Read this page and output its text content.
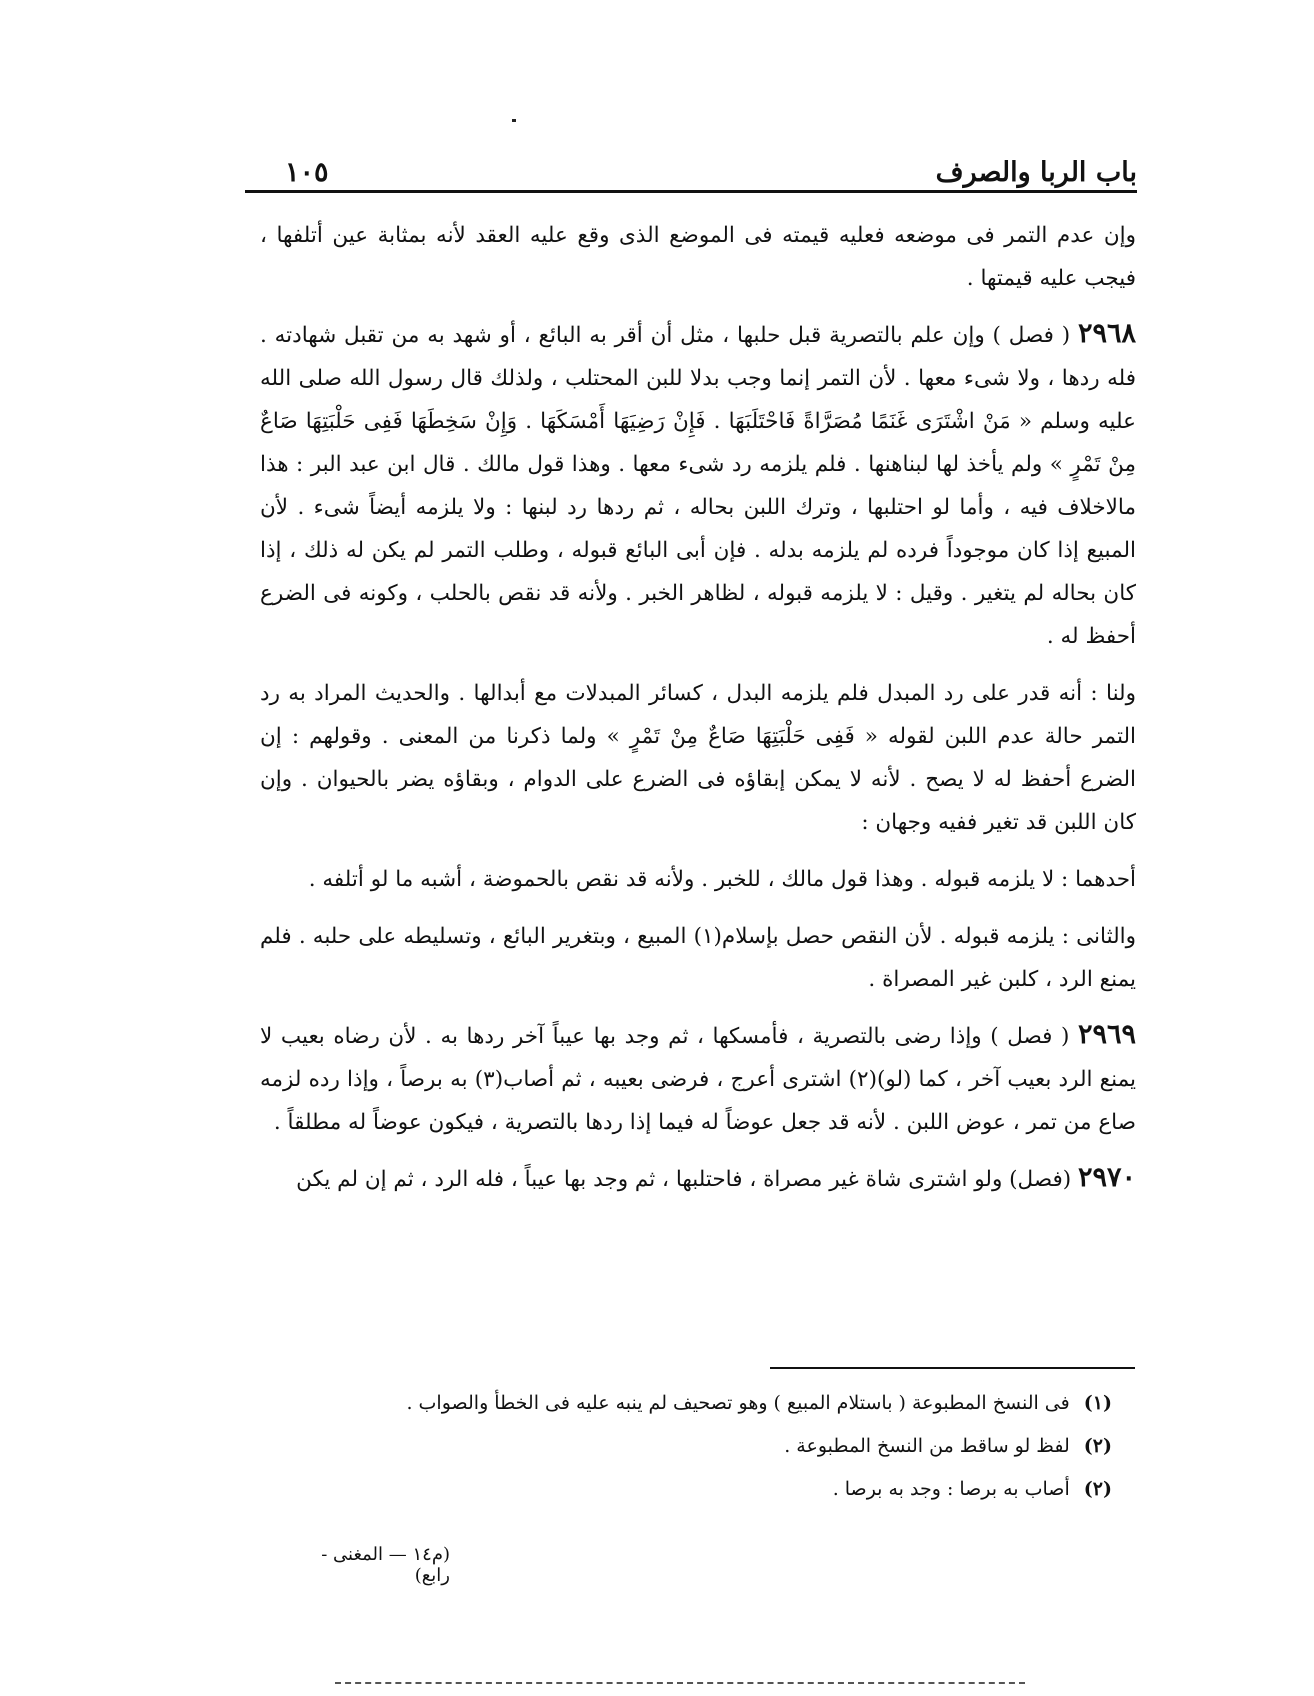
باب الربا والصرف
١٠٥

وإن عدم التمر فى موضعه فعليه قيمته فى الموضع الذى وقع عليه العقد لأنه بمثابة عين أتلفها ، فيجب عليه قيمتها .

٢٩٦٨ ( فصل ) وإن علم بالتصرية قبل حلبها ، مثل أن أقر به البائع ، أو شهد به من تقبل شهادته . فله ردها ، ولا شىء معها . لأن التمر إنما وجب بدلا للبن المحتلب ، ولذلك قال رسول الله صلى الله عليه وسلم « مَنْ اشْتَرَى غَنَمًا مُصَرَّاةً فَاحْتَلَبَهَا . فَإِنْ رَضِيَهَا أَمْسَكَهَا . وَإِنْ سَخِطَهَا فَفِى حَلْبَتِهَا صَاعٌ مِنْ تَمْرٍ » ولم يأخذ لها لبناهنها . فلم يلزمه رد شىء معها . وهذا قول مالك . قال ابن عبد البر : هذا مالاخلاف فيه ، وأما لو احتلبها ، وترك اللبن بحاله ، ثم ردها رد لبنها : ولا يلزمه أيضاً شىء . لأن المبيع إذا كان موجوداً فرده لم يلزمه بدله . فإن أبى البائع قبوله ، وطلب التمر لم يكن له ذلك ، إذا كان بحاله لم يتغير . وقيل : لا يلزمه قبوله ، لظاهر الخبر . ولأنه قد نقص بالحلب ، وكونه فى الضرع أحفظ له .

ولنا : أنه قدر على رد المبدل فلم يلزمه البدل ، كسائر المبدلات مع أبدالها . والحديث المراد به رد التمر حالة عدم اللبن لقوله « فَفِى حَلْبَتِهَا صَاعٌ مِنْ تَمْرٍ » ولما ذكرنا من المعنى . وقولهم : إن الضرع أحفظ له لا يصح . لأنه لا يمكن إبقاؤه فى الضرع على الدوام ، وبقاؤه يضر بالحيوان . وإن كان اللبن قد تغير ففيه وجهان :

أحدهما : لا يلزمه قبوله . وهذا قول مالك ، للخبر . ولأنه قد نقص بالحموضة ، أشبه ما لو أتلفه .

والثانى : يلزمه قبوله . لأن النقص حصل بإسلام(١) المبيع ، وبتغرير البائع ، وتسليطه على حلبه . فلم يمنع الرد ، كلبن غير المصراة .

٢٩٦٩ ( فصل ) وإذا رضى بالتصرية ، فأمسكها ، ثم وجد بها عيباً آخر ردها به . لأن رضاه بعيب لا يمنع الرد بعيب آخر ، كما (لو)(٢) اشترى أعرج ، فرضى بعيبه ، ثم أصاب(٣) به برصاً ، وإذا رده لزمه صاع من تمر ، عوض اللبن . لأنه قد جعل عوضاً له فيما إذا ردها بالتصرية ، فيكون عوضاً له مطلقاً .

٢٩٧٠ (فصل) ولو اشترى شاة غير مصراة ، فاحتلبها ، ثم وجد بها عيباً ، فله الرد ، ثم إن لم يكن

(١) فى النسخ المطبوعة ( باستلام المبيع ) وهو تصحيف لم ينبه عليه فى الخطأ والصواب .

(٢) لفظ لو ساقط من النسخ المطبوعة .

(٢) أصاب به برصا : وجد به برصا .

(م١٤ — المغنى - رابع)
